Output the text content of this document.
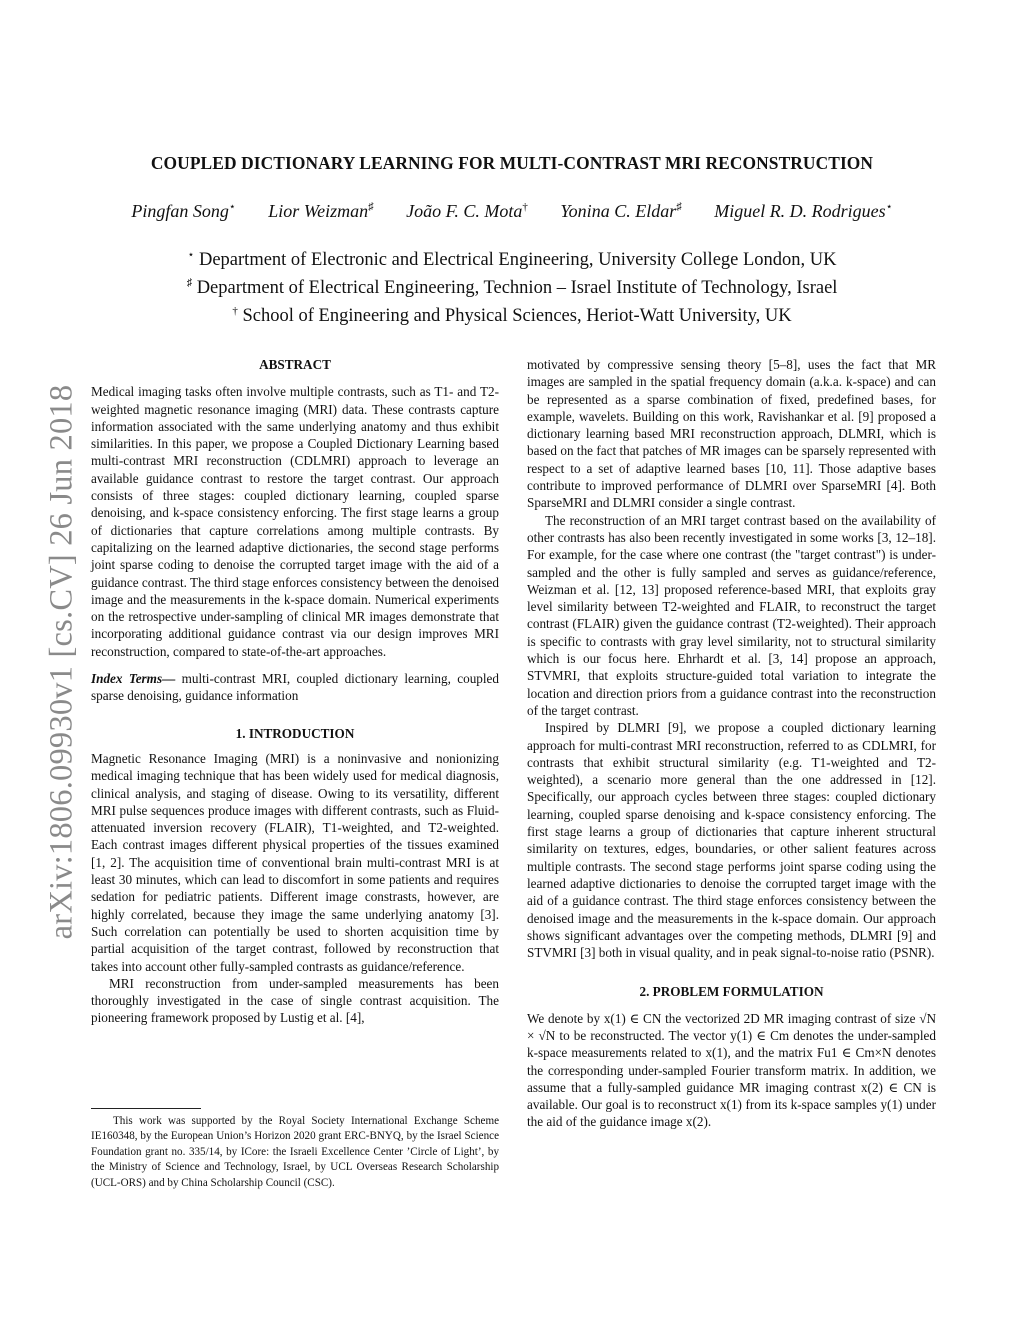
arXiv:1806.09930v1 [cs.CV] 26 Jun 2018
COUPLED DICTIONARY LEARNING FOR MULTI-CONTRAST MRI RECONSTRUCTION
Pingfan Song⋆ Lior Weizman♯ João F. C. Mota† Yonina C. Eldar♯ Miguel R. D. Rodrigues⋆
⋆ Department of Electronic and Electrical Engineering, University College London, UK
♯ Department of Electrical Engineering, Technion – Israel Institute of Technology, Israel
† School of Engineering and Physical Sciences, Heriot-Watt University, UK
ABSTRACT

Medical imaging tasks often involve multiple contrasts, such as T1- and T2-weighted magnetic resonance imaging (MRI) data. These contrasts capture information associated with the same underlying anatomy and thus exhibit similarities. In this paper, we propose a Coupled Dictionary Learning based multi-contrast MRI reconstruction (CDLMRI) approach to leverage an available guidance contrast to restore the target contrast. Our approach consists of three stages: coupled dictionary learning, coupled sparse denoising, and k-space consistency enforcing. The first stage learns a group of dictionaries that capture correlations among multiple contrasts. By capitalizing on the learned adaptive dictionaries, the second stage performs joint sparse coding to denoise the corrupted target image with the aid of a guidance contrast. The third stage enforces consistency between the denoised image and the measurements in the k-space domain. Numerical experiments on the retrospective under-sampling of clinical MR images demonstrate that incorporating additional guidance contrast via our design improves MRI reconstruction, compared to state-of-the-art approaches.

Index Terms— multi-contrast MRI, coupled dictionary learning, coupled sparse denoising, guidance information

1. INTRODUCTION

Magnetic Resonance Imaging (MRI) is a noninvasive and nonionizing medical imaging technique that has been widely used for medical diagnosis, clinical analysis, and staging of disease. Owing to its versatility, different MRI pulse sequences produce images with different contrasts, such as Fluid-attenuated inversion recovery (FLAIR), T1-weighted, and T2-weighted. Each contrast images different physical properties of the tissues examined [1, 2]. The acquisition time of conventional brain multi-contrast MRI is at least 30 minutes, which can lead to discomfort in some patients and requires sedation for pediatric patients. Different image constrasts, however, are highly correlated, because they image the same underlying anatomy [3]. Such correlation can potentially be used to shorten acquisition time by partial acquisition of the target contrast, followed by reconstruction that takes into account other fully-sampled contrasts as guidance/reference.

MRI reconstruction from under-sampled measurements has been thoroughly investigated in the case of single contrast acquisition. The pioneering framework proposed by Lustig et al. [4],

This work was supported by the Royal Society International Exchange Scheme IE160348, by the European Union’s Horizon 2020 grant ERC-BNYQ, by the Israel Science Foundation grant no. 335/14, by ICore: the Israeli Excellence Center ’Circle of Light’, by the Ministry of Science and Technology, Israel, by UCL Overseas Research Scholarship (UCL-ORS) and by China Scholarship Council (CSC).

motivated by compressive sensing theory [5–8], uses the fact that MR images are sampled in the spatial frequency domain (a.k.a. k-space) and can be represented as a sparse combination of fixed, predefined bases, for example, wavelets. Building on this work, Ravishankar et al. [9] proposed a dictionary learning based MRI reconstruction approach, DLMRI, which is based on the fact that patches of MR images can be sparsely represented with respect to a set of adaptive learned bases [10, 11]. Those adaptive bases contribute to improved performance of DLMRI over SparseMRI [4]. Both SparseMRI and DLMRI consider a single contrast.

The reconstruction of an MRI target contrast based on the availability of other contrasts has also been recently investigated in some works [3, 12–18]. For example, for the case where one contrast (the "target contrast") is under-sampled and the other is fully sampled and serves as guidance/reference, Weizman et al. [12, 13] proposed reference-based MRI, that exploits gray level similarity between T2-weighted and FLAIR, to reconstruct the target contrast (FLAIR) given the guidance contrast (T2-weighted). Their approach is specific to contrasts with gray level similarity, not to structural similarity which is our focus here. Ehrhardt et al. [3, 14] propose an approach, STVMRI, that exploits structure-guided total variation to integrate the location and direction priors from a guidance contrast into the reconstruction of the target contrast.

Inspired by DLMRI [9], we propose a coupled dictionary learning approach for multi-contrast MRI reconstruction, referred to as CDLMRI, for contrasts that exhibit structural similarity (e.g. T1-weighted and T2-weighted), a scenario more general than the one addressed in [12]. Specifically, our approach cycles between three stages: coupled dictionary learning, coupled sparse denoising and k-space consistency enforcing. The first stage learns a group of dictionaries that capture inherent structural similarity on textures, edges, boundaries, or other salient features across multiple contrasts. The second stage performs joint sparse coding using the learned adaptive dictionaries to denoise the corrupted target image with the aid of a guidance contrast. The third stage enforces consistency between the denoised image and the measurements in the k-space domain. Our approach shows significant advantages over the competing methods, DLMRI [9] and STVMRI [3] both in visual quality, and in peak signal-to-noise ratio (PSNR).

2. PROBLEM FORMULATION

We denote by x(1) ∈ CN the vectorized 2D MR imaging contrast of size √N × √N to be reconstructed. The vector y(1) ∈ Cm denotes the under-sampled k-space measurements related to x(1), and the matrix Fu1 ∈ Cm×N denotes the corresponding under-sampled Fourier transform matrix. In addition, we assume that a fully-sampled guidance MR imaging contrast x(2) ∈ CN is available. Our goal is to reconstruct x(1) from its k-space samples y(1) under the aid of the guidance image x(2).
